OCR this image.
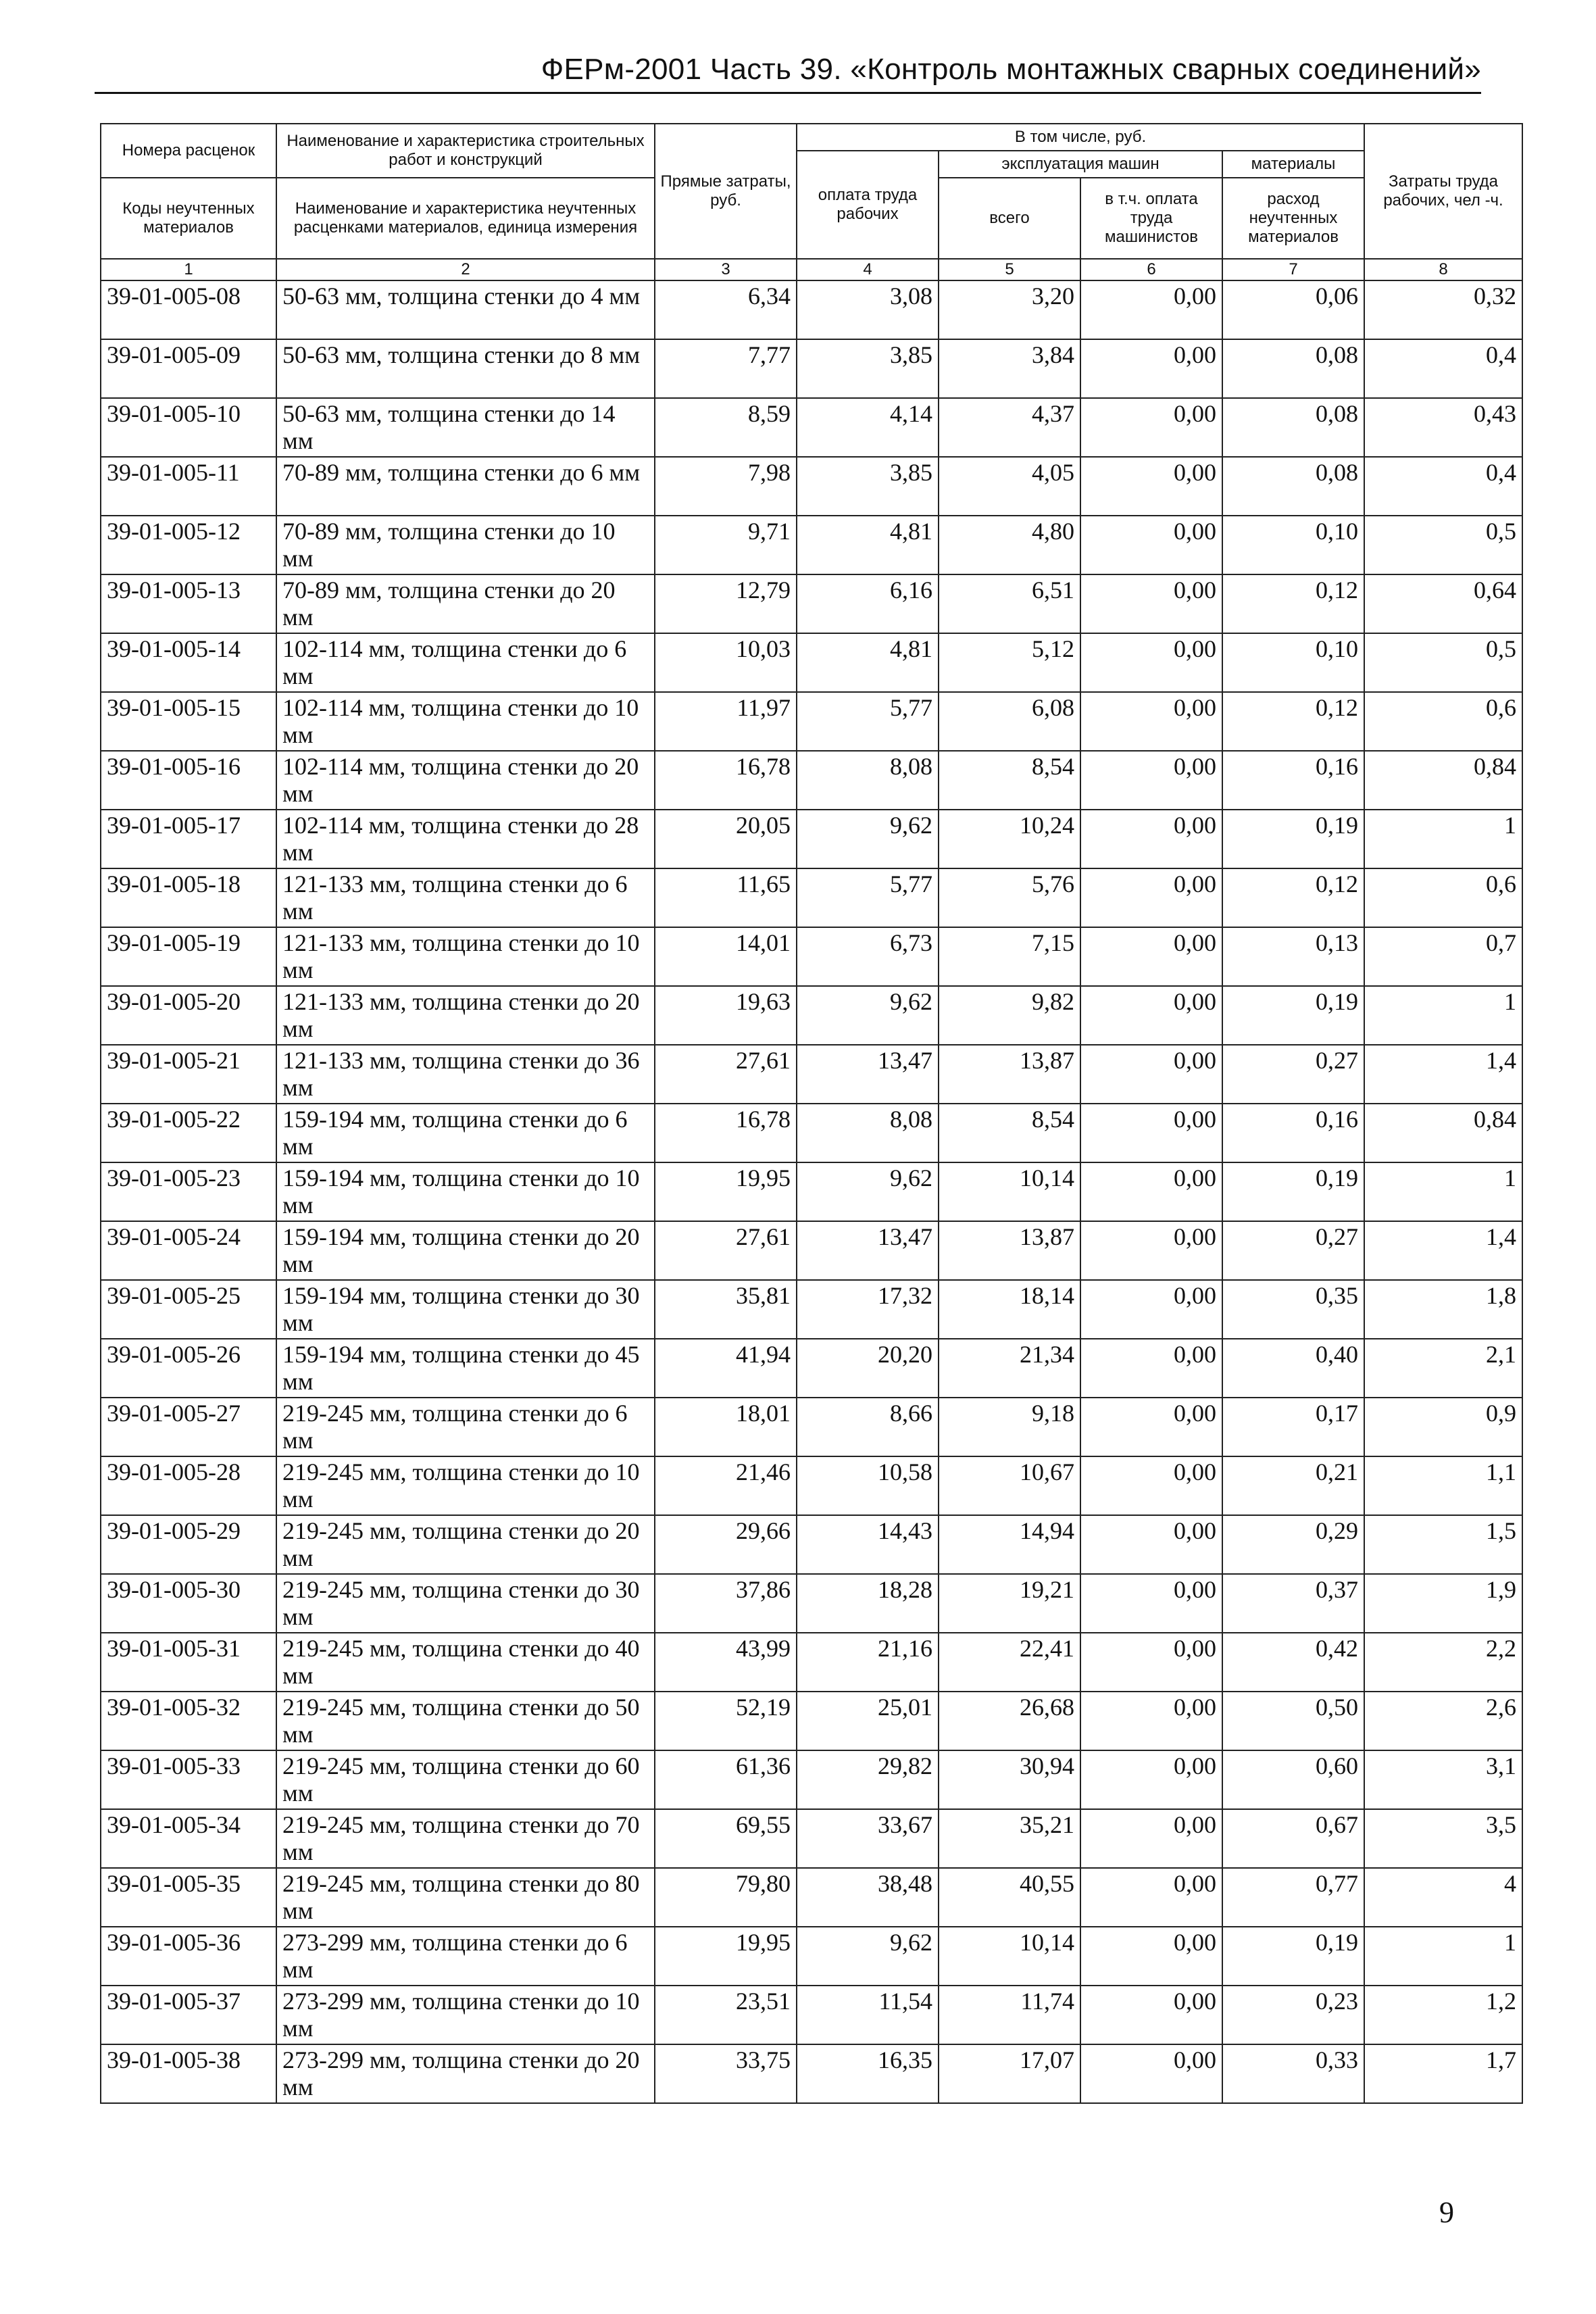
ФЕРм-2001 Часть 39. «Контроль монтажных сварных соединений»
Номера расценок	Наименование и характеристика строительных работ и конструкций	Прямые затраты, руб.	В том числе, руб.				Затраты труда рабочих, чел -ч.
			оплата труда рабочих	эксплуатация машин		материалы	
Коды неучтенных материалов	Наименование и характеристика неучтенных расценками материалов, единица измерения			всего	в т.ч. оплата труда машинистов	расход неучтенных материалов	

1	2	3	4	5	6	7	8
39-01-005-08	50-63 мм, толщина стенки до 4 мм	6,34	3,08	3,20	0,00	0,06	0,32
39-01-005-09	50-63 мм, толщина стенки до 8 мм	7,77	3,85	3,84	0,00	0,08	0,4
39-01-005-10	50-63 мм, толщина стенки до 14 мм	8,59	4,14	4,37	0,00	0,08	0,43
39-01-005-11	70-89 мм, толщина стенки до 6 мм	7,98	3,85	4,05	0,00	0,08	0,4
39-01-005-12	70-89 мм, толщина стенки до 10 мм	9,71	4,81	4,80	0,00	0,10	0,5
39-01-005-13	70-89 мм, толщина стенки до 20 мм	12,79	6,16	6,51	0,00	0,12	0,64
39-01-005-14	102-114 мм, толщина стенки до 6 мм	10,03	4,81	5,12	0,00	0,10	0,5
39-01-005-15	102-114 мм, толщина стенки до 10 мм	11,97	5,77	6,08	0,00	0,12	0,6
39-01-005-16	102-114 мм, толщина стенки до 20 мм	16,78	8,08	8,54	0,00	0,16	0,84
39-01-005-17	102-114 мм, толщина стенки до 28 мм	20,05	9,62	10,24	0,00	0,19	1
39-01-005-18	121-133 мм, толщина стенки до 6 мм	11,65	5,77	5,76	0,00	0,12	0,6
39-01-005-19	121-133 мм, толщина стенки до 10 мм	14,01	6,73	7,15	0,00	0,13	0,7
39-01-005-20	121-133 мм, толщина стенки до 20 мм	19,63	9,62	9,82	0,00	0,19	1
39-01-005-21	121-133 мм, толщина стенки до 36 мм	27,61	13,47	13,87	0,00	0,27	1,4
39-01-005-22	159-194 мм, толщина стенки до 6 мм	16,78	8,08	8,54	0,00	0,16	0,84
39-01-005-23	159-194 мм, толщина стенки до 10 мм	19,95	9,62	10,14	0,00	0,19	1
39-01-005-24	159-194 мм, толщина стенки до 20 мм	27,61	13,47	13,87	0,00	0,27	1,4
39-01-005-25	159-194 мм, толщина стенки до 30 мм	35,81	17,32	18,14	0,00	0,35	1,8
39-01-005-26	159-194 мм, толщина стенки до 45 мм	41,94	20,20	21,34	0,00	0,40	2,1
39-01-005-27	219-245 мм, толщина стенки до 6 мм	18,01	8,66	9,18	0,00	0,17	0,9
39-01-005-28	219-245 мм, толщина стенки до 10 мм	21,46	10,58	10,67	0,00	0,21	1,1
39-01-005-29	219-245 мм, толщина стенки до 20 мм	29,66	14,43	14,94	0,00	0,29	1,5
39-01-005-30	219-245 мм, толщина стенки до 30 мм	37,86	18,28	19,21	0,00	0,37	1,9
39-01-005-31	219-245 мм, толщина стенки до 40 мм	43,99	21,16	22,41	0,00	0,42	2,2
39-01-005-32	219-245 мм, толщина стенки до 50 мм	52,19	25,01	26,68	0,00	0,50	2,6
39-01-005-33	219-245 мм, толщина стенки до 60 мм	61,36	29,82	30,94	0,00	0,60	3,1
39-01-005-34	219-245 мм, толщина стенки до 70 мм	69,55	33,67	35,21	0,00	0,67	3,5
39-01-005-35	219-245 мм, толщина стенки до 80 мм	79,80	38,48	40,55	0,00	0,77	4
39-01-005-36	273-299 мм, толщина стенки до 6 мм	19,95	9,62	10,14	0,00	0,19	1
39-01-005-37	273-299 мм, толщина стенки до 10 мм	23,51	11,54	11,74	0,00	0,23	1,2
39-01-005-38	273-299 мм, толщина стенки до 20 мм	33,75	16,35	17,07	0,00	0,33	1,7
9
